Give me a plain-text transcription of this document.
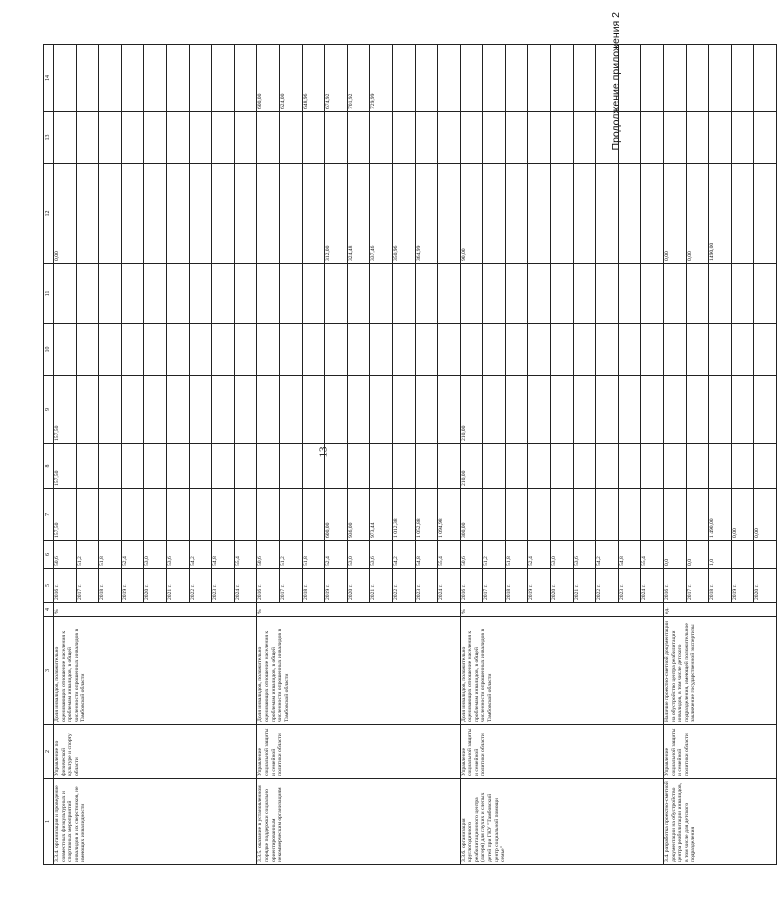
13
Продолжение приложения 2
1	2	3	4	5	6	7	8	9	10	11	12	13	14
3.3.4. организация и проведение совместных физкультурных и спортивных мероприятий инвалидов и их сверстников, не имеющих инвалидности	Управление по физической культуре и спорту области	Доля инвалидов, положительно оценивающих отношение населения к проблемам инвалидов, в общей численности опрошенных инвалидов в Тамбовской области	%	2016 г.	50,6	157,50	157,50	157,50			0,00		
				2017 г.	51,2								
				2018 г.	51,8								
				2019 г.	52,4								
				2020 г.	53,0								
				2021 г.	53,6								
				2022 г.	54,2								
				2023 г.	54,8								
				2024 г.	55,4								
3.3.5. оказание в установленном порядке поддержки социально ориентированным некоммерческим организациям	Управление социальной защиты и семейной политики области	Доля инвалидов, положительно оценивающих отношение населения к проблемам инвалидов, в общей численности опрошенных инвалидов в Тамбовской области	%	2016 г.	50,6								600,00
				2017 г.	51,2								624,00
				2018 г.	51,8								648,96
				2019 г.	52,4	600,00					312,00		674,92
				2020 г.	53,0	936,00					324,48		701,92
				2021 г.	53,6	973,44					337,46		729,99
				2022 г.	54,2	1 012,38					350,96		
				2023 г.	54,8	1 052,88					364,99		
				2024 г.	55,4	1 094,98							
3.3.6. организация круглогодичного реабилитационного центра (лагеря) для глухих и слепых детей при ГКУ "Тамбовский центр социальной помощи семье"	Управление социальной защиты и семейной политики области	Доля инвалидов, положительно оценивающих отношение населения к проблемам инвалидов, в общей численности опрошенных инвалидов в Тамбовской области	%	2016 г.	50,6	300,00	210,00	210,00			90,00		
				2017 г.	51,2								
				2018 г.	51,8								
				2019 г.	52,4								
				2020 г.	53,0								
				2021 г.	53,6								
				2022 г.	54,2								
				2023 г.	54,8								
				2024 г.	55,4								
3.4. разработка проектно-сметной документации на обустройство центра реабилитации инвалидов, в том числе для детского подразделения	Управление социальной защиты и семейной политики области	Наличие проектно-сметной документации на обустройство центра реабилитации инвалидов, в том числе детского подразделения, имеющей положительное заключение государственной экспертизы	ед.	2016 г.	0,0						0,00		
				2017 г.	0,0						0,00		
				2018 г.	1,0	1 490,00					1490,00		
				2019 г.		0,00							
				2020 г.		0,00							
